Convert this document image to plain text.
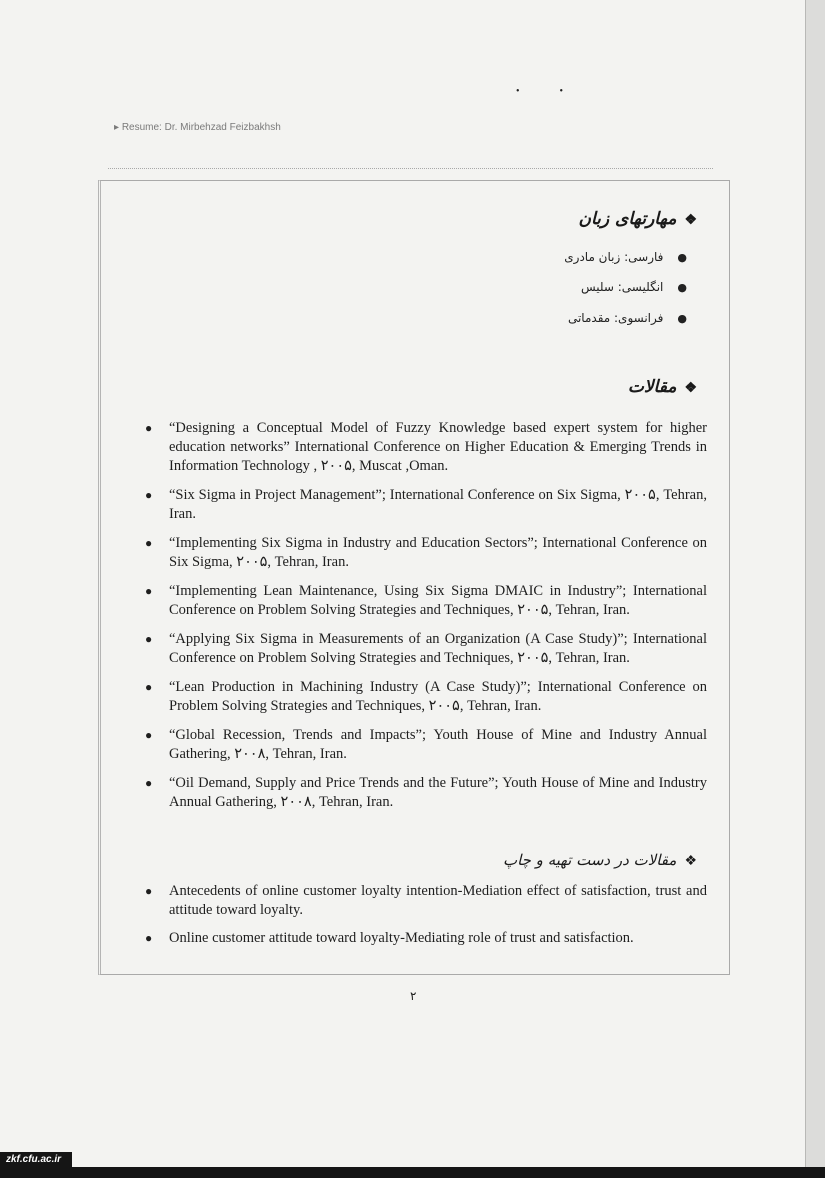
••
▸ Resume: Dr. Mirbehzad Feizbakhsh
❖مهارتهای زبان
●فارسی: زبان مادری
●انگلیسی: سلیس
●فرانسوی: مقدماتی
❖مقالات
● “Designing a Conceptual Model of Fuzzy Knowledge based expert system for higher education networks” International Conference on Higher Education & Emerging Trends in Information Technology , ۲۰۰۵, Muscat ,Oman.
● “Six Sigma in Project Management”; International Conference on Six Sigma, ۲۰۰۵, Tehran, Iran.
● “Implementing Six Sigma in Industry and Education Sectors”; International Conference on Six Sigma, ۲۰۰۵, Tehran, Iran.
● “Implementing Lean Maintenance, Using Six Sigma DMAIC in Industry”; International Conference on Problem Solving Strategies and Techniques, ۲۰۰۵, Tehran, Iran.
● “Applying Six Sigma in Measurements of an Organization (A Case Study)”; International Conference on Problem Solving Strategies and Techniques, ۲۰۰۵, Tehran, Iran.
● “Lean Production in Machining Industry (A Case Study)”; International Conference on Problem Solving Strategies and Techniques, ۲۰۰۵, Tehran, Iran.
● “Global Recession, Trends and Impacts”; Youth House of Mine and Industry Annual Gathering, ۲۰۰۸, Tehran, Iran.
● “Oil Demand, Supply and Price Trends and the Future”; Youth House of Mine and Industry Annual Gathering, ۲۰۰۸, Tehran, Iran.
❖مقالات در دست تهیه و چاپ
● Antecedents of online customer loyalty intention-Mediation effect of satisfaction, trust and attitude toward loyalty.
● Online customer attitude toward loyalty-Mediating role of trust and satisfaction.
۲
zkf.cfu.ac.ir
